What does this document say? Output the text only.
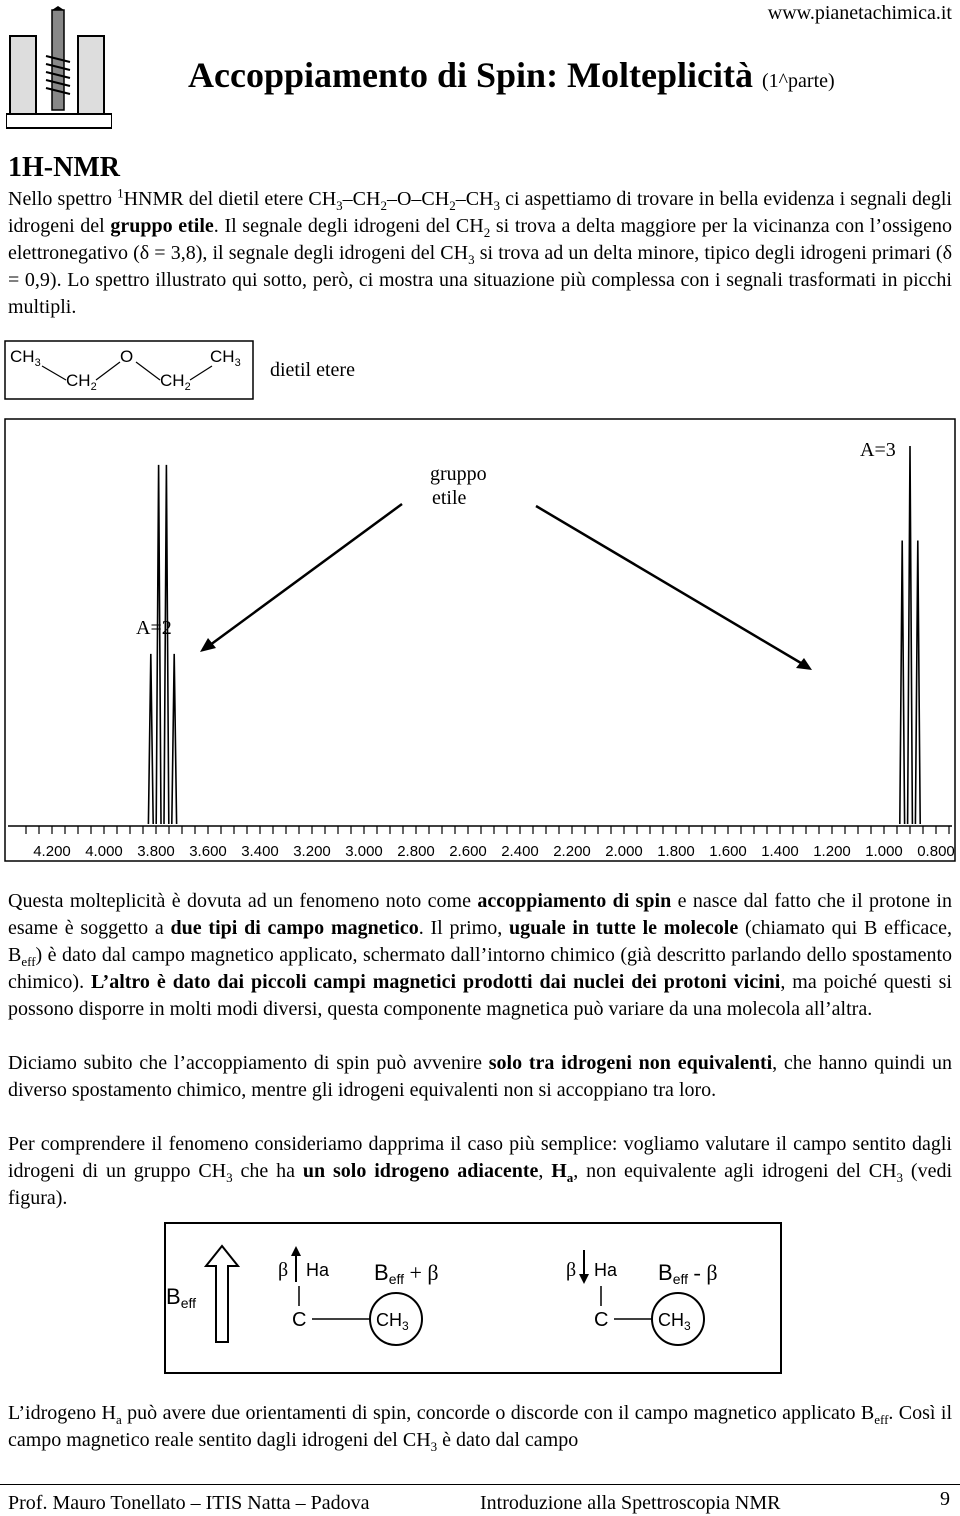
www.pianetachimica.it
Accoppiamento di Spin: Molteplicità (1^parte)
1H-NMR
Nello spettro $^1$HNMR del dietil etere $CH_3-CH_2-O-CH_2-CH_3$ ci aspettiamo di trovare in bella evidenza i segnali degli idrogeni del gruppo etile. Il segnale degli idrogeni del $CH_2$ si trova a delta maggiore per la vicinanza con l’ossigeno elettronegativo (δ = 3,8), il segnale degli idrogeni del $CH_3$ si trova ad un delta minore, tipico degli idrogeni primari (δ = 0,9). Lo spettro illustrato qui sotto, però, ci mostra una situazione più complessa con i segnali trasformati in picchi multipli.
$CH_3$
$CH_2$
O
$CH_2$
$CH_3$ dietil etere
gruppo
etile
A=3
A=2
4.200 4.000 3.800 3.600 3.400 3.200 3.000 2.800 2.600 2.400 2.200 2.000 1.800 1.600 1.400 1.200 1.000 0.800
Questa molteplicità è dovuta ad un fenomeno noto come accoppiamento di spin e nasce dal fatto che il protone in esame è soggetto a due tipi di campo magnetico. Il primo, uguale in tutte le molecole (chiamato qui B efficace, $B_{eff}$) è dato dal campo magnetico applicato, schermato dall’intorno chimico (già descritto parlando dello spostamento chimico). L’altro è dato dai piccoli campi magnetici prodotti dai nuclei dei protoni vicini, ma poiché questi si possono disporre in molti modi diversi, questa componente magnetica può variare da una molecola all’altra.
Diciamo subito che l’accoppiamento di spin può avvenire solo tra idrogeni non equivalenti, che hanno quindi un diverso spostamento chimico, mentre gli idrogeni equivalenti non si accoppiano tra loro.
Per comprendere il fenomeno consideriamo dapprima il caso più semplice: vogliamo valutare il campo sentito dagli idrogeni di un gruppo $CH_3$ che ha un solo idrogeno adiacente, $H_a$, non equivalente agli idrogeni del $CH_3$ (vedi figura).
Beff
β Ha
C	$CH_3$
Beff + β	β Ha
C	$CH_3$
Beff - β
L’idrogeno $H_a$ può avere due orientamenti di spin, concorde o discorde con il campo magnetico applicato $B_{eff}$. Così il campo magnetico reale sentito dagli idrogeni del $CH_3$ è dato dal campo
Prof. Mauro Tonellato – ITIS Natta – Padova	Introduzione alla Spettroscopia NMR	9
